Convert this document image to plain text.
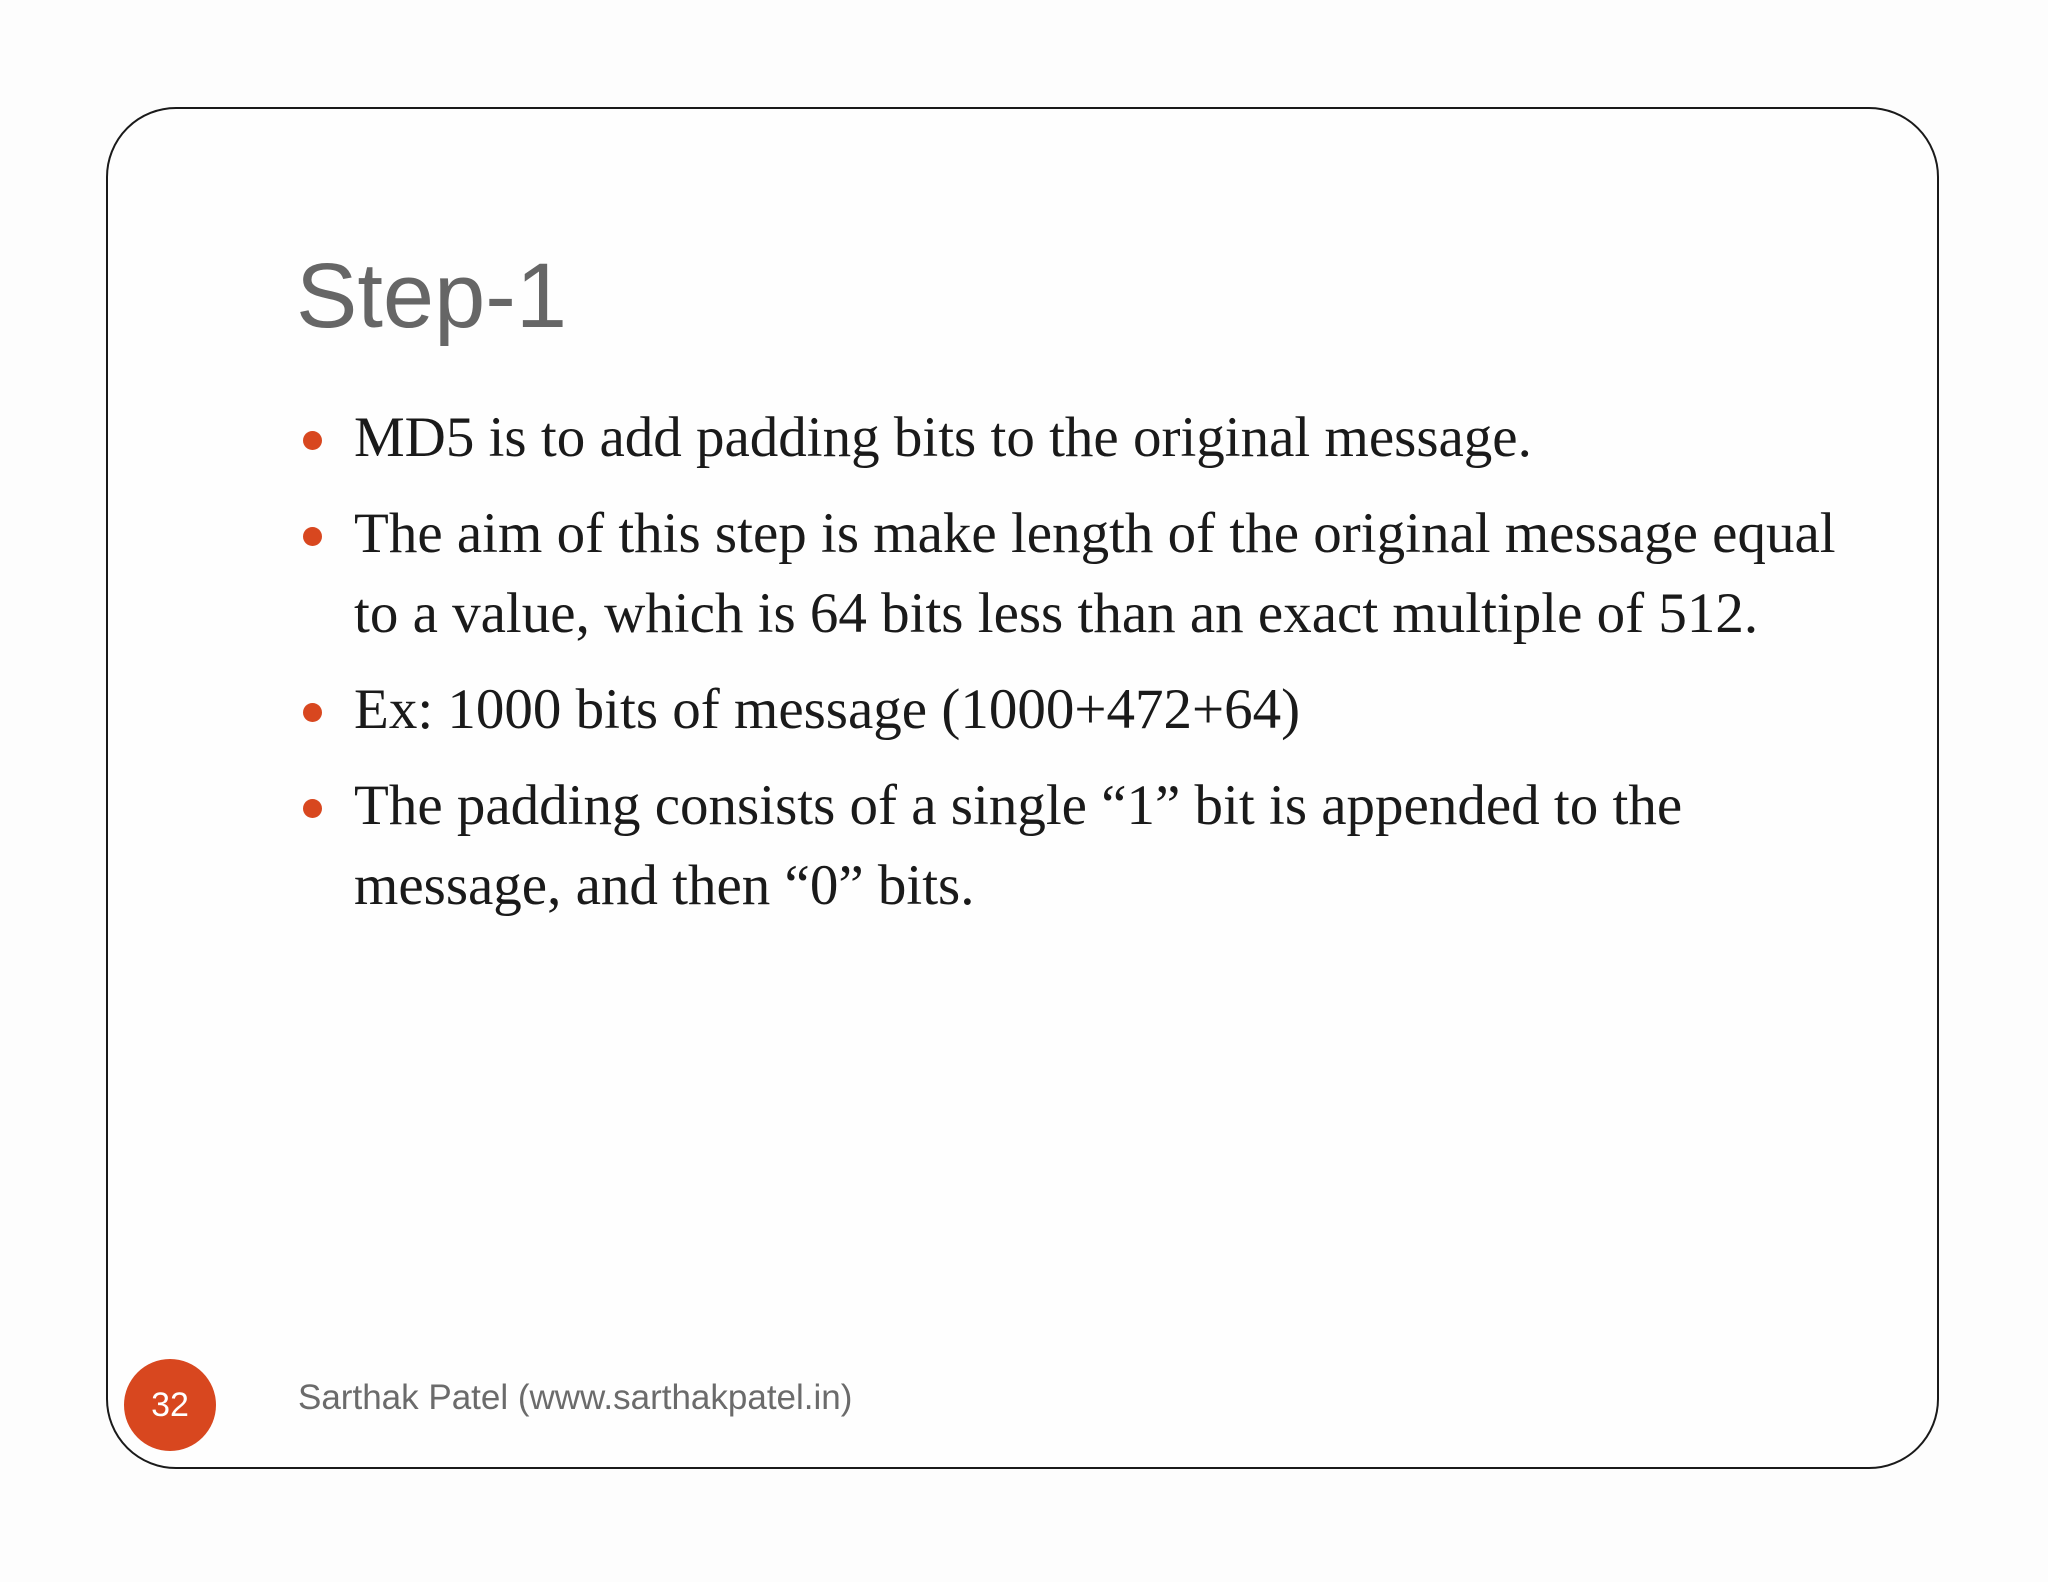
Step-1
MD5 is to add padding bits to the original message.
The aim of this step is make length of the original message equal to a value, which is 64 bits less than an exact multiple of 512.
Ex: 1000 bits of message (1000+472+64)
The padding consists of a single “1” bit is appended to the message, and then “0” bits.
32	Sarthak Patel (www.sarthakpatel.in)
